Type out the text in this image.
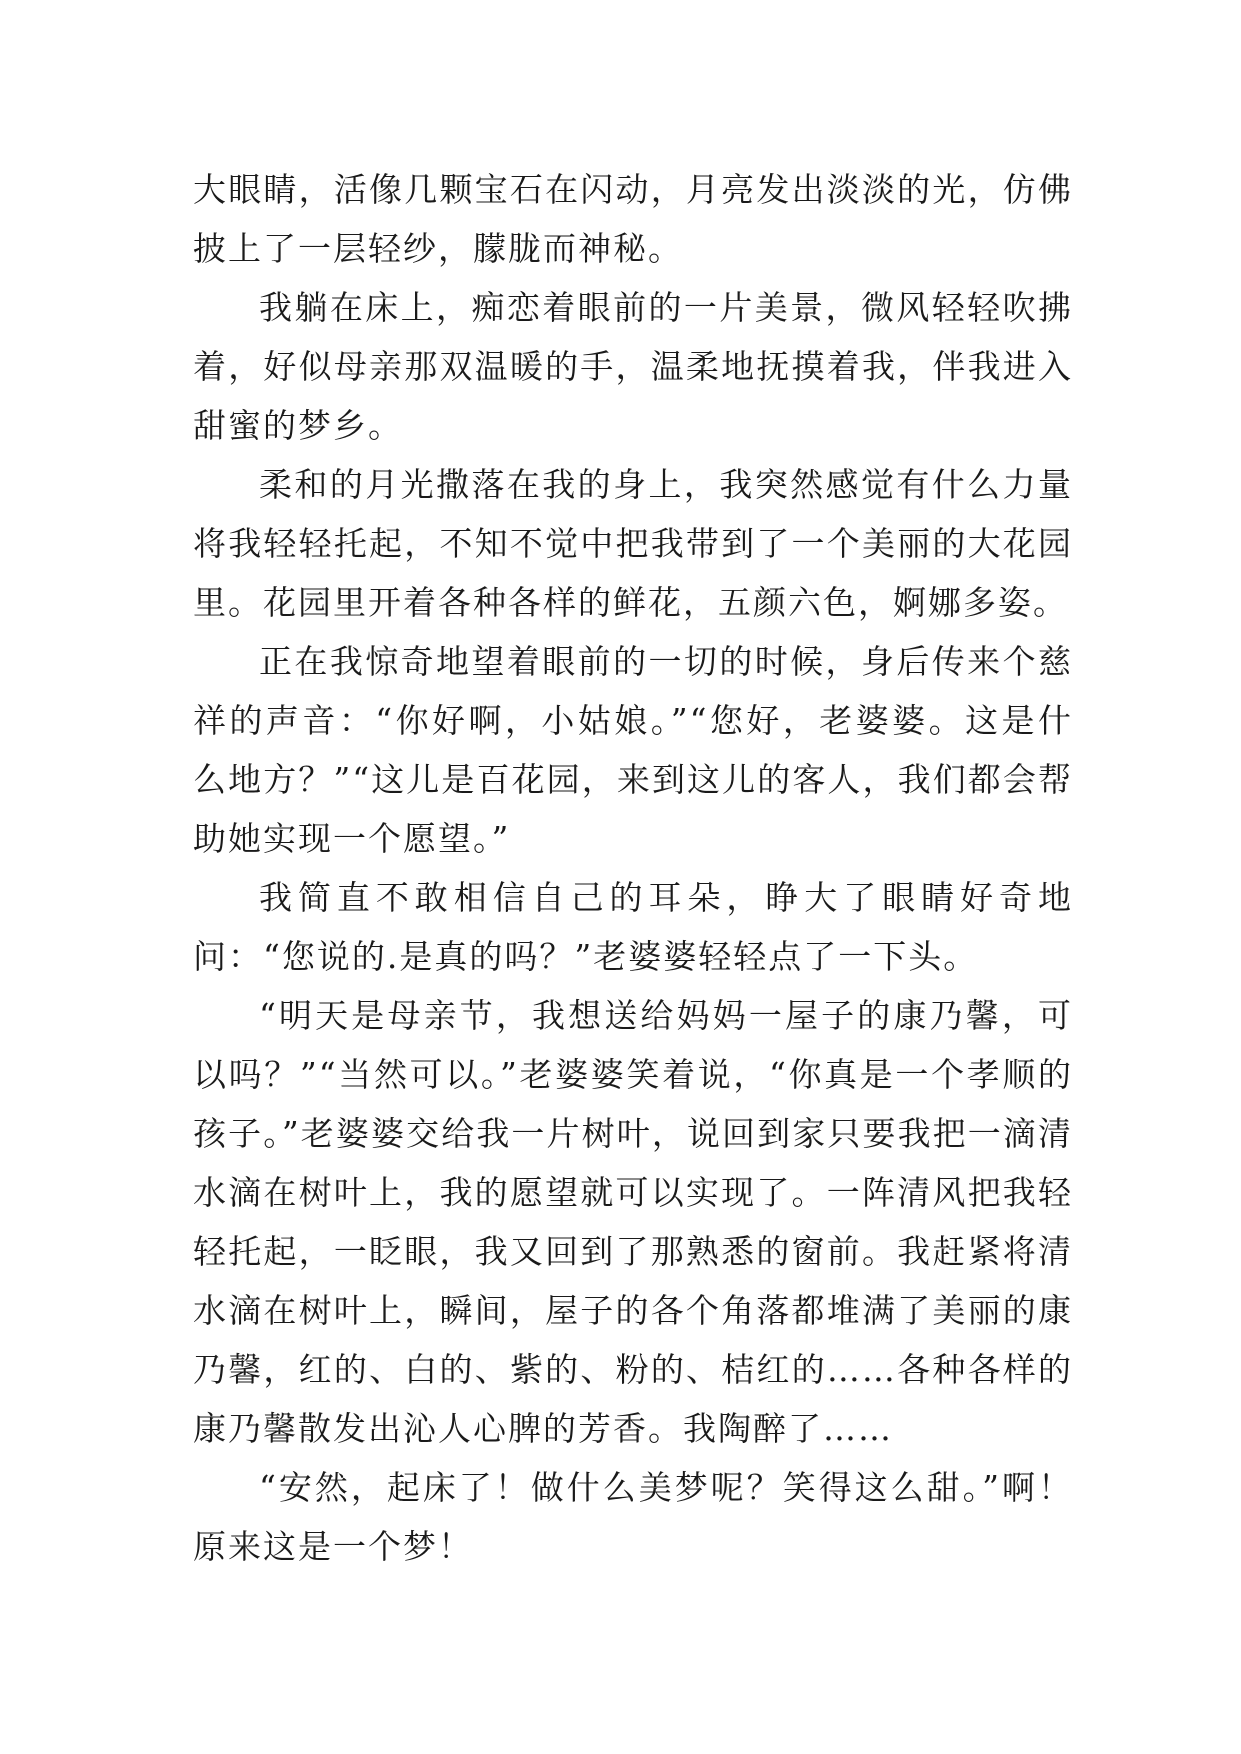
大眼睛，活像几颗宝石在闪动，月亮发出淡淡的光，仿佛披上了一层轻纱，朦胧而神秘。

我躺在床上，痴恋着眼前的一片美景，微风轻轻吹拂着，好似母亲那双温暖的手，温柔地抚摸着我，伴我进入甜蜜的梦乡。

柔和的月光撒落在我的身上，我突然感觉有什么力量将我轻轻托起，不知不觉中把我带到了一个美丽的大花园里。花园里开着各种各样的鲜花，五颜六色，婀娜多姿。

正在我惊奇地望着眼前的一切的时候，身后传来个慈祥的声音：“你好啊，小姑娘。”“您好，老婆婆。这是什么地方？”“这儿是百花园，来到这儿的客人，我们都会帮助她实现一个愿望。”

我简直不敢相信自己的耳朵，睁大了眼睛好奇地问：“您说的.是真的吗？”老婆婆轻轻点了一下头。

“明天是母亲节，我想送给妈妈一屋子的康乃馨，可以吗？”“当然可以。”老婆婆笑着说，“你真是一个孝顺的孩子。”老婆婆交给我一片树叶，说回到家只要我把一滴清水滴在树叶上，我的愿望就可以实现了。一阵清风把我轻轻托起，一眨眼，我又回到了那熟悉的窗前。我赶紧将清水滴在树叶上，瞬间，屋子的各个角落都堆满了美丽的康乃馨，红的、白的、紫的、粉的、桔红的……各种各样的康乃馨散发出沁人心脾的芳香。我陶醉了……

“安然，起床了！做什么美梦呢？笑得这么甜。”啊！原来这是一个梦！
